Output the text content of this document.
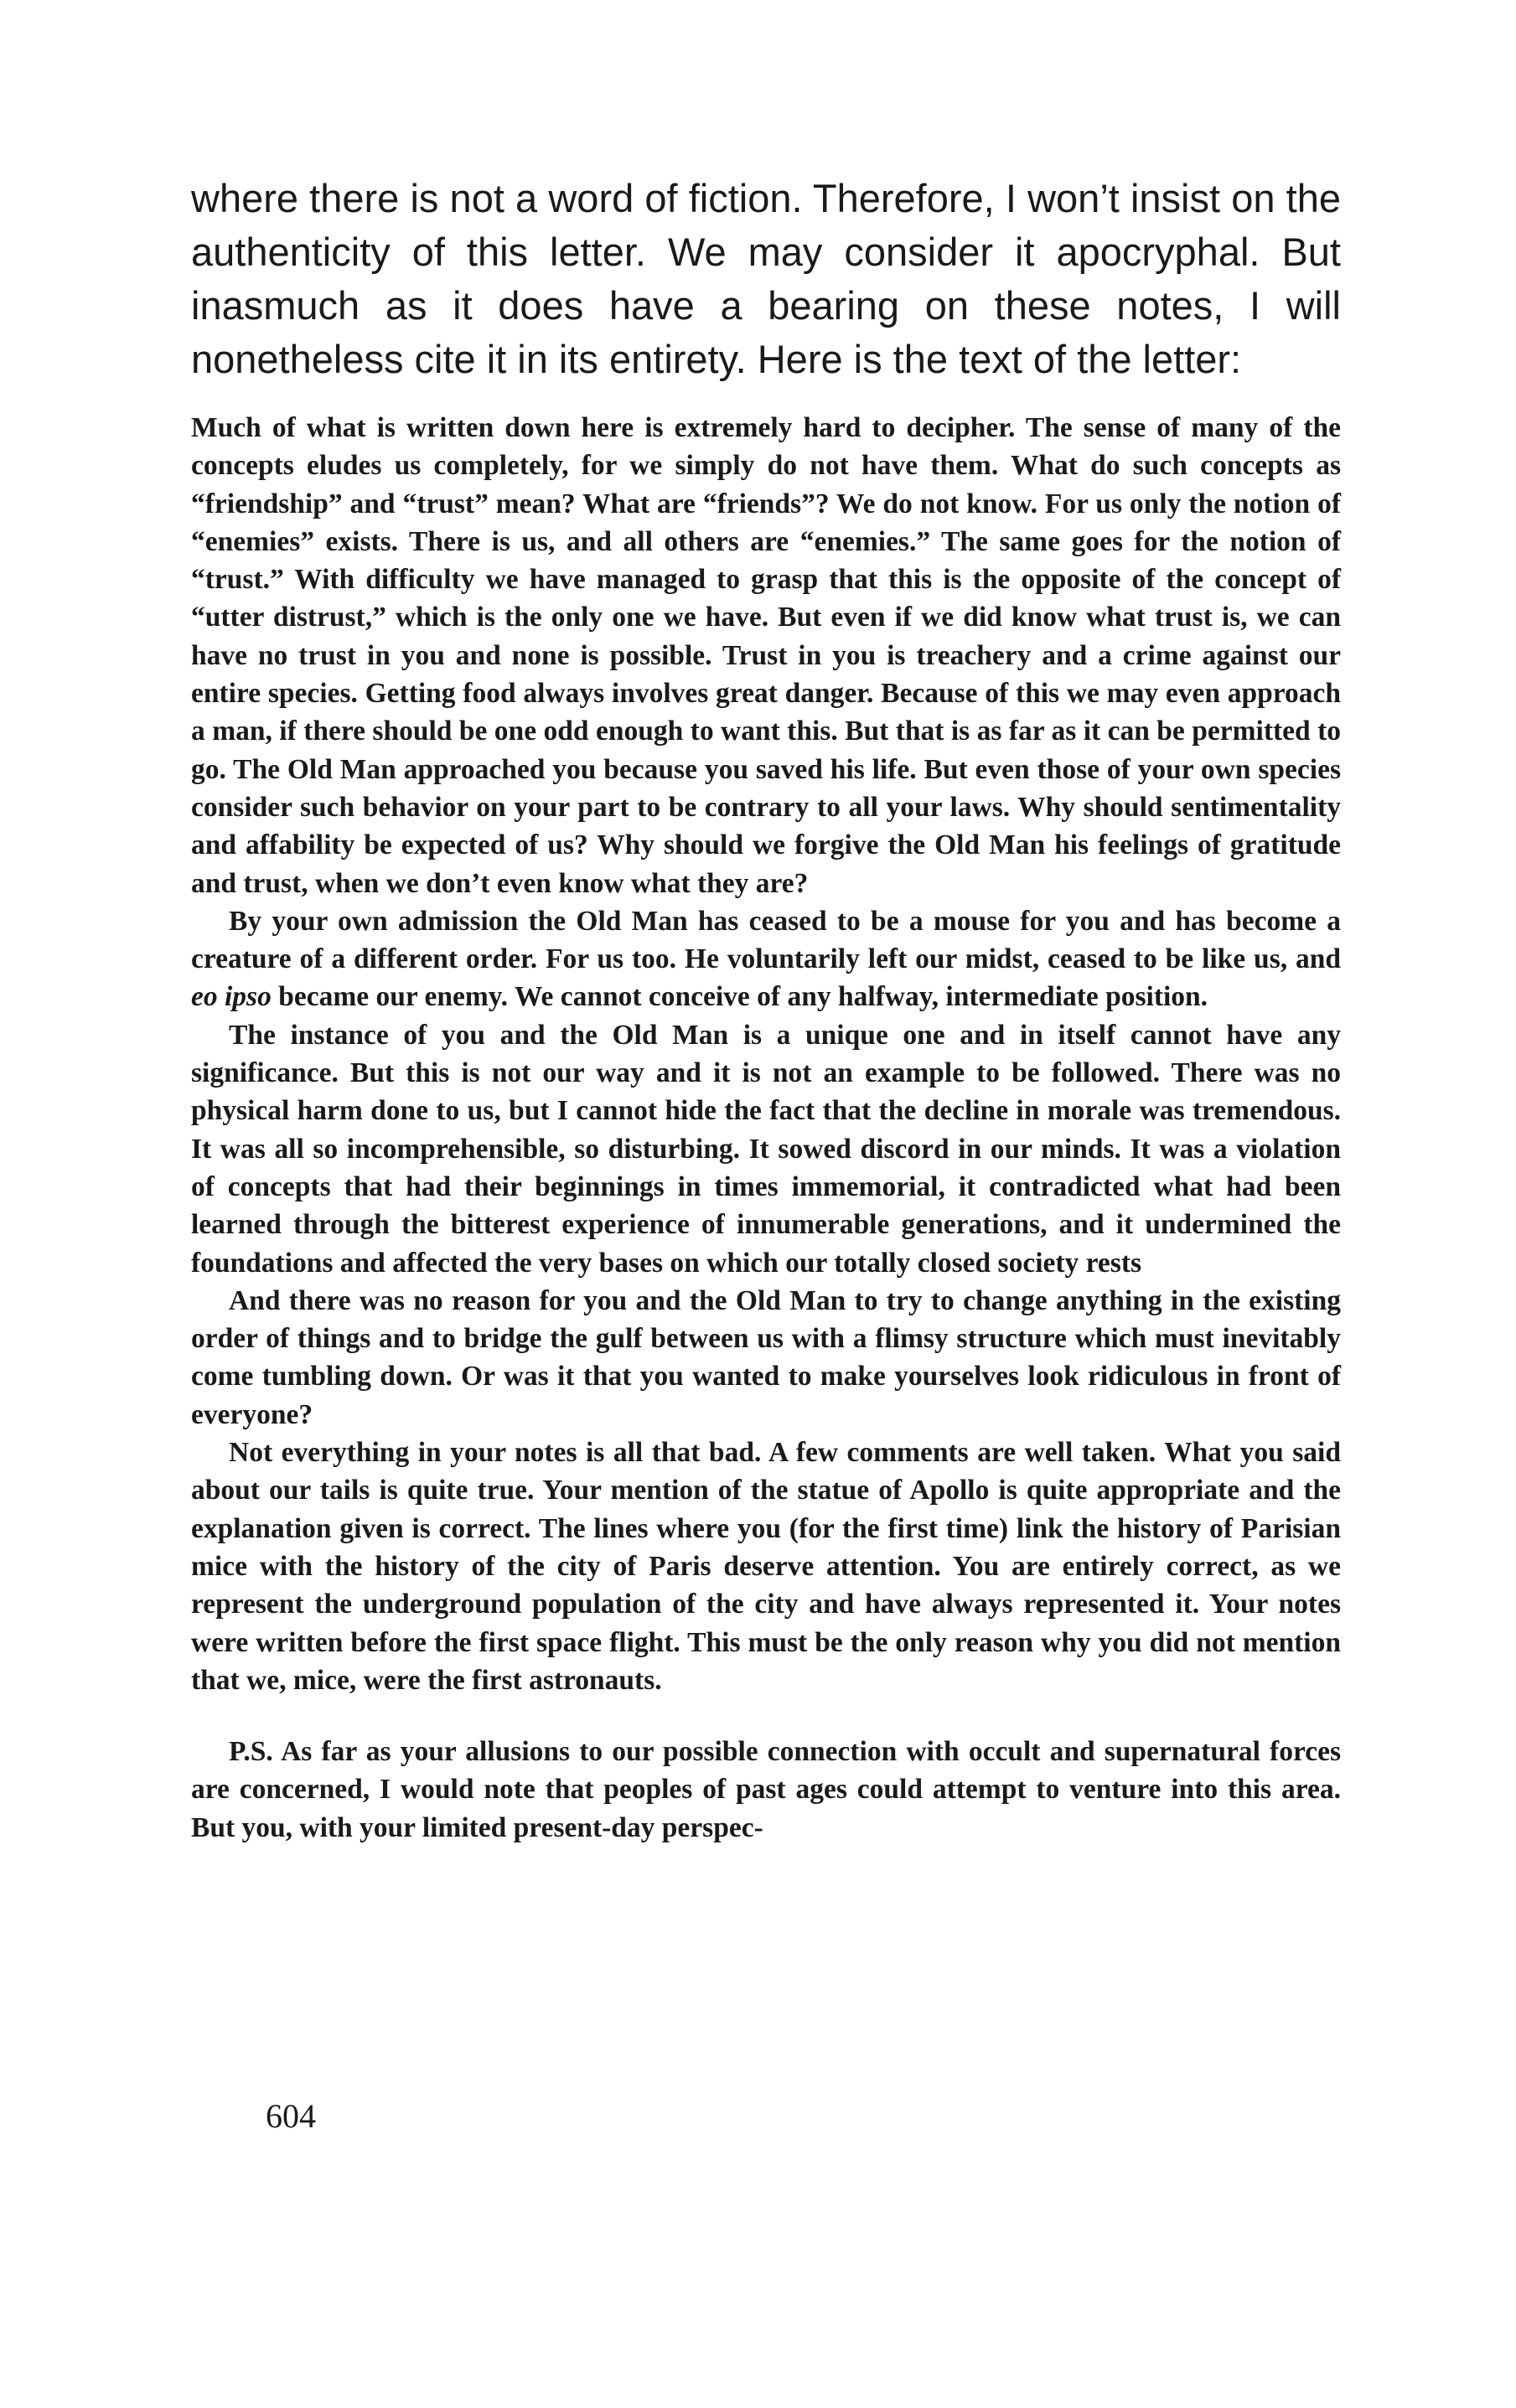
where there is not a word of fiction. Therefore, I won’t insist on the authenticity of this letter. We may consider it apocryphal. But inasmuch as it does have a bearing on these notes, I will nonetheless cite it in its entirety. Here is the text of the letter:

Much of what is written down here is extremely hard to decipher. The sense of many of the concepts eludes us completely, for we simply do not have them. What do such concepts as “friendship” and “trust” mean? What are “friends”? We do not know. For us only the notion of “enemies” exists. There is us, and all others are “enemies.” The same goes for the notion of “trust.” With difficulty we have managed to grasp that this is the opposite of the concept of “utter distrust,” which is the only one we have. But even if we did know what trust is, we can have no trust in you and none is possible. Trust in you is treachery and a crime against our entire species. Getting food always involves great danger. Because of this we may even approach a man, if there should be one odd enough to want this. But that is as far as it can be permitted to go. The Old Man approached you because you saved his life. But even those of your own species consider such behavior on your part to be contrary to all your laws. Why should sentimentality and affability be expected of us? Why should we forgive the Old Man his feelings of gratitude and trust, when we don’t even know what they are?

By your own admission the Old Man has ceased to be a mouse for you and has become a creature of a different order. For us too. He voluntarily left our midst, ceased to be like us, and eo ipso became our enemy. We cannot conceive of any halfway, intermediate position.

The instance of you and the Old Man is a unique one and in itself cannot have any significance. But this is not our way and it is not an example to be followed. There was no physical harm done to us, but I cannot hide the fact that the decline in morale was tremendous. It was all so incomprehensible, so disturbing. It sowed discord in our minds. It was a violation of concepts that had their beginnings in times immemorial, it contradicted what had been learned through the bitterest experience of innumerable generations, and it undermined the foundations and affected the very bases on which our totally closed society rests

And there was no reason for you and the Old Man to try to change anything in the existing order of things and to bridge the gulf between us with a flimsy structure which must inevitably come tumbling down. Or was it that you wanted to make yourselves look ridiculous in front of everyone?

Not everything in your notes is all that bad. A few comments are well taken. What you said about our tails is quite true. Your mention of the statue of Apollo is quite appropriate and the explanation given is correct. The lines where you (for the first time) link the history of Parisian mice with the history of the city of Paris deserve attention. You are entirely correct, as we represent the underground population of the city and have always represented it. Your notes were written before the first space flight. This must be the only reason why you did not mention that we, mice, were the first astronauts.

P.S. As far as your allusions to our possible connection with occult and supernatural forces are concerned, I would note that peoples of past ages could attempt to venture into this area. But you, with your limited present-day perspec-

604
